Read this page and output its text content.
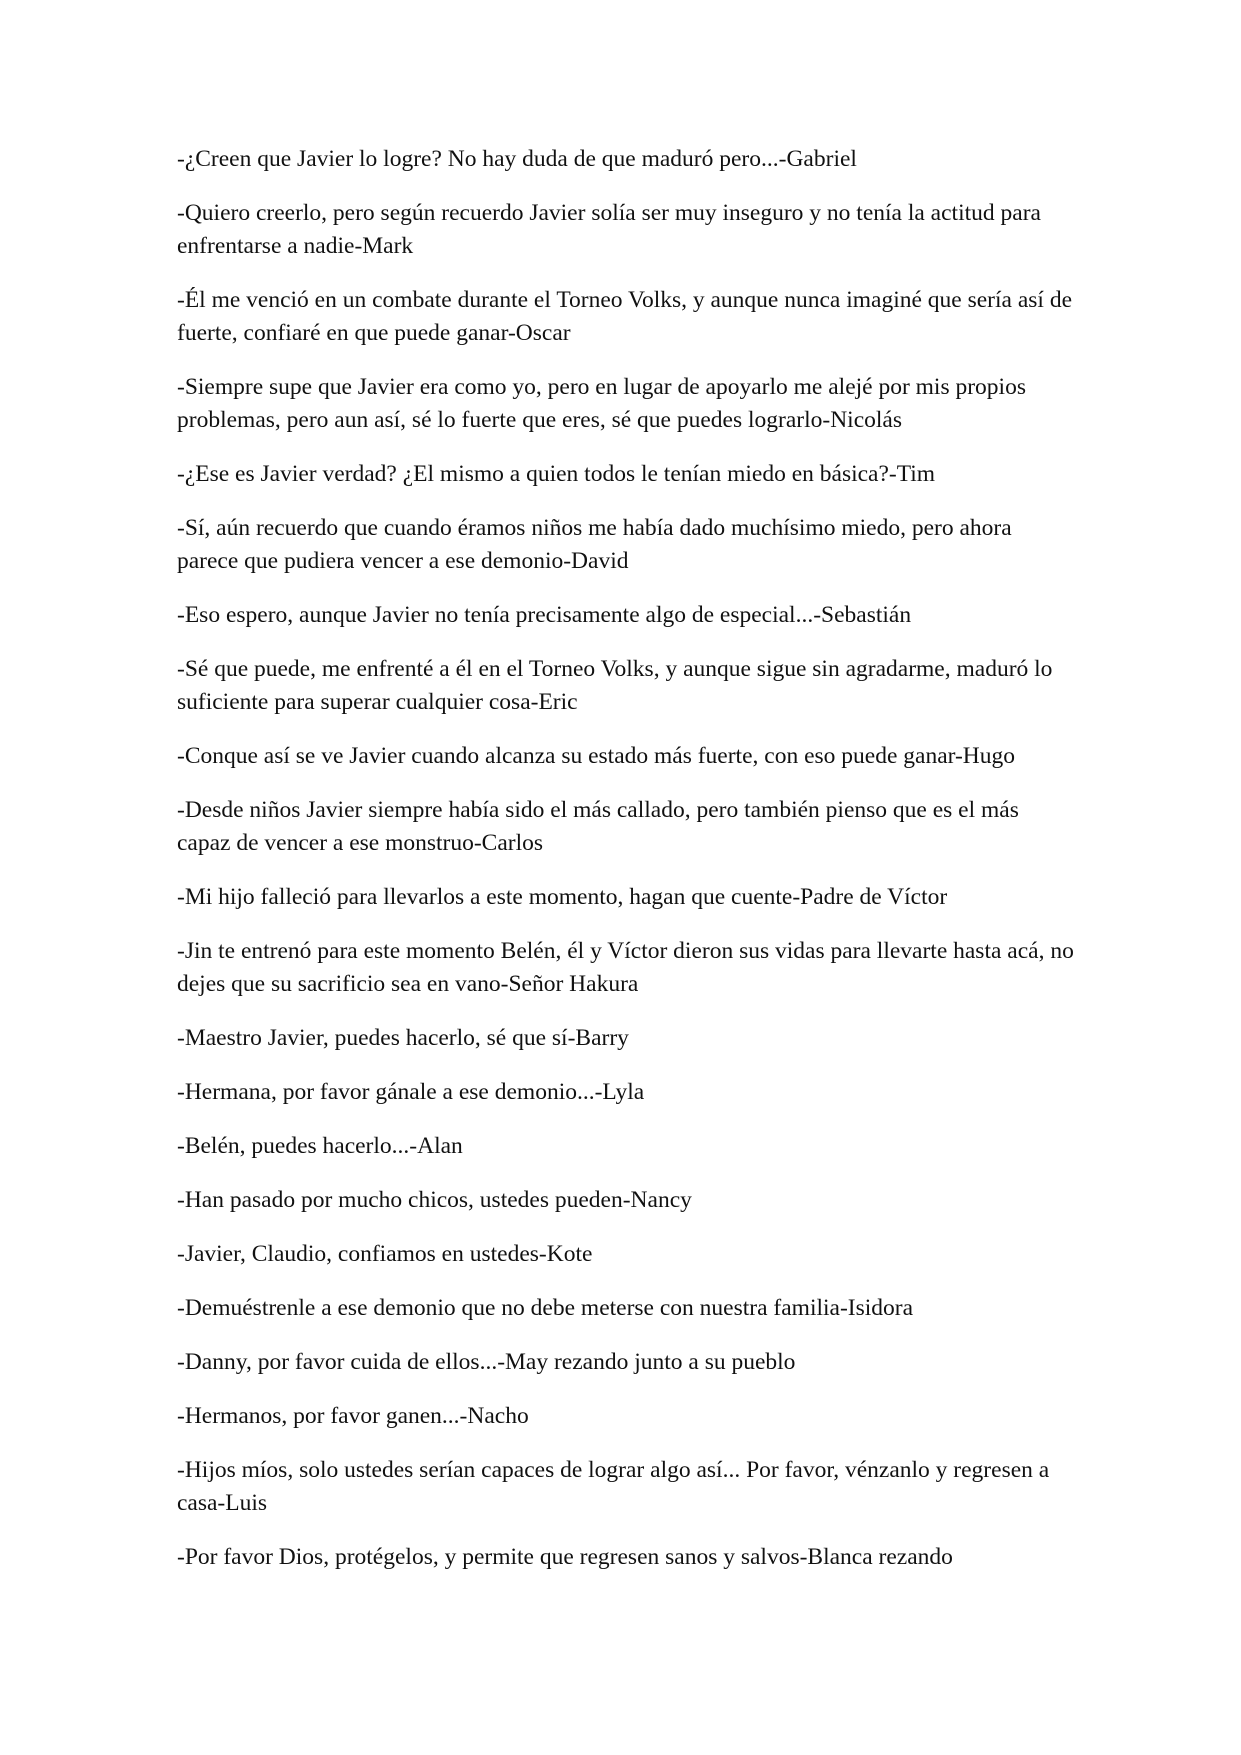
-¿Creen que Javier lo logre? No hay duda de que maduró pero...-Gabriel

-Quiero creerlo, pero según recuerdo Javier solía ser muy inseguro y no tenía la actitud para enfrentarse a nadie-Mark

-Él me venció en un combate durante el Torneo Volks, y aunque nunca imaginé que sería así de fuerte, confiaré en que puede ganar-Oscar

-Siempre supe que Javier era como yo, pero en lugar de apoyarlo me alejé por mis propios problemas, pero aun así, sé lo fuerte que eres, sé que puedes lograrlo-Nicolás

-¿Ese es Javier verdad? ¿El mismo a quien todos le tenían miedo en básica?-Tim

-Sí, aún recuerdo que cuando éramos niños me había dado muchísimo miedo, pero ahora parece que pudiera vencer a ese demonio-David

-Eso espero, aunque Javier no tenía precisamente algo de especial...-Sebastián

-Sé que puede, me enfrenté a él en el Torneo Volks, y aunque sigue sin agradarme, maduró lo suficiente para superar cualquier cosa-Eric

-Conque así se ve Javier cuando alcanza su estado más fuerte, con eso puede ganar-Hugo

-Desde niños Javier siempre había sido el más callado, pero también pienso que es el más capaz de vencer a ese monstruo-Carlos

-Mi hijo falleció para llevarlos a este momento, hagan que cuente-Padre de Víctor

-Jin te entrenó para este momento Belén, él y Víctor dieron sus vidas para llevarte hasta acá, no dejes que su sacrificio sea en vano-Señor Hakura

-Maestro Javier, puedes hacerlo, sé que sí-Barry

-Hermana, por favor gánale a ese demonio...-Lyla

-Belén, puedes hacerlo...-Alan

-Han pasado por mucho chicos, ustedes pueden-Nancy

-Javier, Claudio, confiamos en ustedes-Kote

-Demuéstrenle a ese demonio que no debe meterse con nuestra familia-Isidora

-Danny, por favor cuida de ellos...-May rezando junto a su pueblo

-Hermanos, por favor ganen...-Nacho

-Hijos míos, solo ustedes serían capaces de lograr algo así... Por favor, vénzanlo y regresen a casa-Luis

-Por favor Dios, protégelos, y permite que regresen sanos y salvos-Blanca rezando
